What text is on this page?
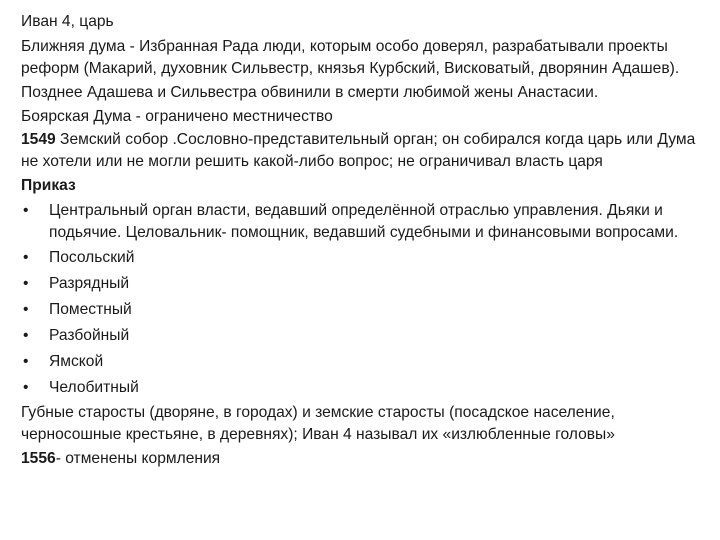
Иван 4, царь

Ближняя дума - Избранная Рада люди, которым особо доверял, разрабатывали проекты реформ (Макарий, духовник Сильвестр, князья Курбский, Висковатый, дворянин Адашев).

Позднее Адашева и Сильвестра обвинили в смерти любимой жены Анастасии.

Боярская Дума - ограничено местничество

1549 Земский собор .Сословно-представительный орган; он собирался когда царь или Дума не хотели или не могли решить какой-либо вопрос; не ограничивал власть царя

Приказ

• Центральный орган власти, ведавший определённой отраслью управления. Дьяки и подьячие. Целовальник- помощник, ведавший судебными и финансовыми вопросами.
• Посольский
• Разрядный
• Поместный
• Разбойный
• Ямской
• Челобитный

Губные старосты (дворяне, в городах) и земские старосты (посадское население, черносошные крестьяне, в деревнях); Иван 4 называл их «излюбленные головы»

1556- отменены кормления
